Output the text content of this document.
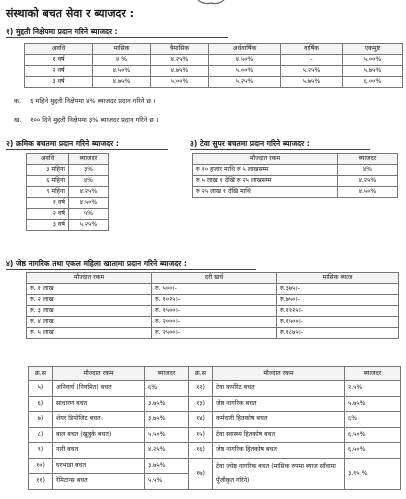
संस्थाको बचत सेवा र ब्याजदर :
१) मुद्दती निक्षेपमा प्रदान गरिने ब्याजदर :
अवधि	मासिक	त्रैमासिक	अर्धवार्षिक	वार्षिक	एकमुष्ट
१ वर्ष	४ %	४.२५%	४.५०%	-	५.००%
२ वर्ष	४.५०%	४.७५%	५.००%	५.२५%	५.७५%
३ वर्ष	४.७५%	५.००%	५.२५%	५.७५%	६.००%
क. ६ महिने मुद्दती निक्षेपमा ४% ब्याजदर प्रदान गरिने छ ।
ख. १०० दिने मुद्दती निक्षेपमा ३% ब्याजदर प्रदान गरिने छ ।
२) क्रमिक बचतमा प्रदान गरिने ब्याजदर :
अवधि	ब्याजदर
३ महिना	३%
६ महिना	४%
९ महिना	४.२५%
१ वर्ष	४.५०%
२ वर्ष	५%
३ वर्ष	५.२५%
३) टेवा सुपर बचतमा प्रदान गरिने ब्याजदर :
मौज्दात रकम	ब्याजदर
रु १० हजार माथि रु ५ लाखसम्म	४%
रु ५ लाख १ देखि रु २५ लाखसम्म	४.२५%
रु २५ लाख १ देखि माथि	४.५०%
४) जेष्ठ नागरिक तथा एकल महिला खातामा प्रदान गरिने ब्याजदर :
मौज्दात रकम	दरी खर्च	मासिक ब्याज
रु. १ लाख	रु. ५००।-	रु.३७५।-
रु. २ लाख	रु. १०२५।-	रु.७५०।-
रु. ३ लाख	रु. १५००।-	रु.११२५।-
रु. ४ लाख	रु. २०००।-	रु.१५००।-
रु. ५ लाख	रु. २५००।-	रु.१८७५।-
क्र.स	मौज्दात रकम	ब्याजदर	क्र.स	मौज्दात रकम	ब्याजदर
५)	अनिवार्य (नियमित) बचत	६%	१२)	टेवा कर्पोरेट बचत	२.५%
६)	साधारण बचत	३.७५%	१३)	जेष्ठ नागरिक बचत	५.७५%
७)	शेयर डिपोजिट बचत	३.७५%	१४)	कर्मचारी हितकोष बचत	६%
८)	बाल बचत (खुत्रुके बचत)	५.५०%	१५)	टेवा स्वास्थ्य हितकोष बचत	६.५०%
९)	नारी बचत	४.२५%	१६)	जेष्ठ नागरिक हितकोष बचत	६.५०%
१०)	घरभाडा बचत	३.७५%	१७)	टेवा ज्येष्ठ नागरिक बचत (मासिक रुपमा ब्याज साँवामा पूँजीकृत गरिने)	३.९५ %
११)	रेमिटान्स बचत	५.५%			
